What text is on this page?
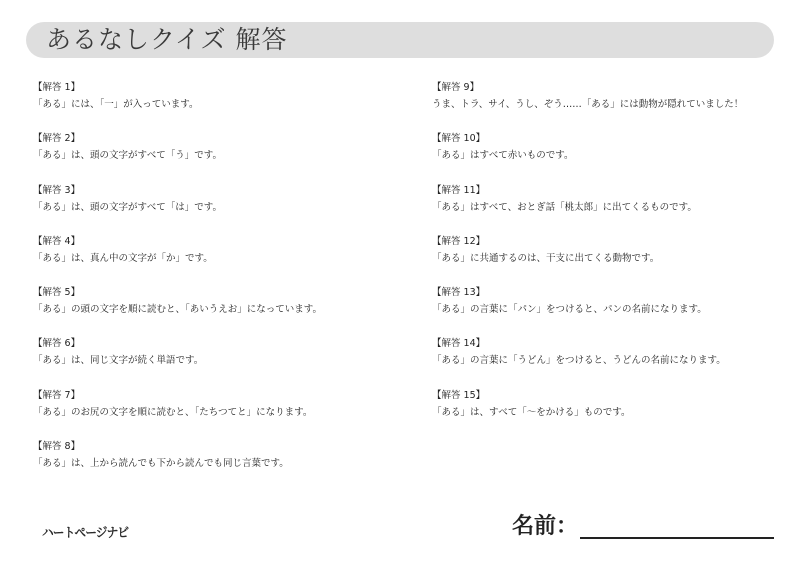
あるなしクイズ 解答
【解答 1】
「ある」には、「一」が入っています。
【解答 2】
「ある」は、頭の文字がすべて「う」です。
【解答 3】
「ある」は、頭の文字がすべて「は」です。
【解答 4】
「ある」は、真ん中の文字が「か」です。
【解答 5】
「ある」の頭の文字を順に読むと、「あいうえお」になっています。
【解答 6】
「ある」は、同じ文字が続く単語です。
【解答 7】
「ある」のお尻の文字を順に読むと、「たちつてと」になります。
【解答 8】
「ある」は、上から読んでも下から読んでも同じ言葉です。
【解答 9】
うま、トラ、サイ、うし、ぞう……「ある」には動物が隠れていました！
【解答 10】
「ある」はすべて赤いものです。
【解答 11】
「ある」はすべて、おとぎ話「桃太郎」に出てくるものです。
【解答 12】
「ある」に共通するのは、干支に出てくる動物です。
【解答 13】
「ある」の言葉に「パン」をつけると、パンの名前になります。
【解答 14】
「ある」の言葉に「うどん」をつけると、うどんの名前になります。
【解答 15】
「ある」は、すべて「～をかける」ものです。
ハートページナビ	名前：
